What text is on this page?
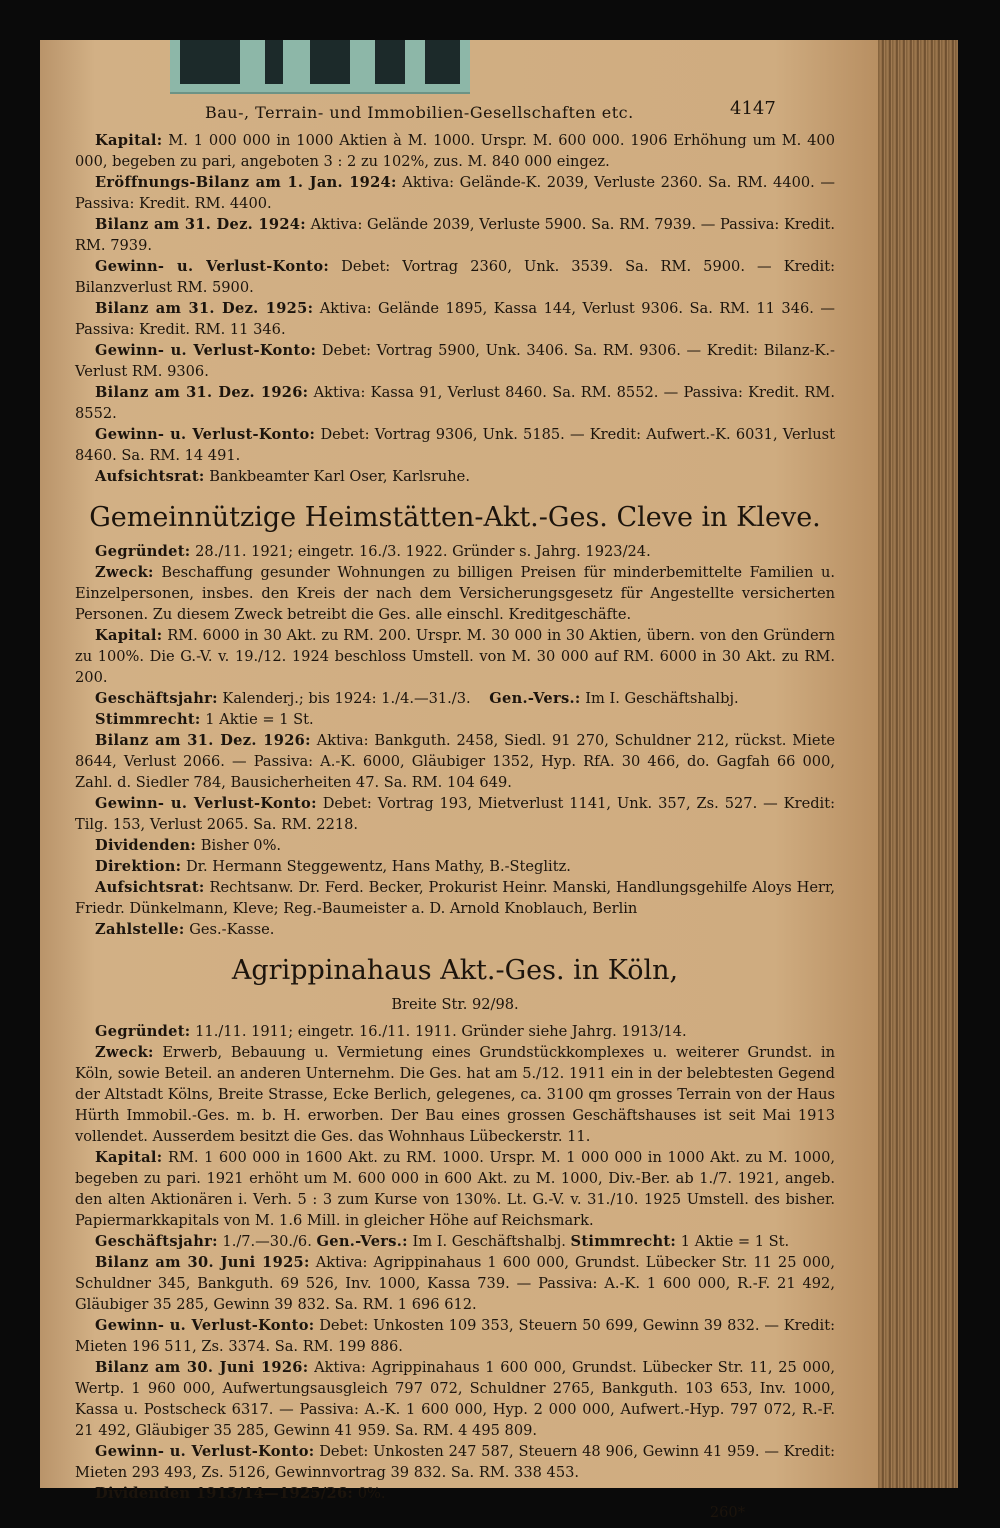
Bau-, Terrain- und Immobilien-Gesellschaften etc.	4147

Kapital: M. 1 000 000 in 1000 Aktien à M. 1000. Urspr. M. 600 000. 1906 Erhöhung um M. 400 000, begeben zu pari, angeboten 3 : 2 zu 102%, zus. M. 840 000 eingez.

Eröffnungs-Bilanz am 1. Jan. 1924: Aktiva: Gelände-K. 2039, Verluste 2360. Sa. RM. 4400. — Passiva: Kredit. RM. 4400.

Bilanz am 31. Dez. 1924: Aktiva: Gelände 2039, Verluste 5900. Sa. RM. 7939. — Passiva: Kredit. RM. 7939.

Gewinn- u. Verlust-Konto: Debet: Vortrag 2360, Unk. 3539. Sa. RM. 5900. — Kredit: Bilanzverlust RM. 5900.

Bilanz am 31. Dez. 1925: Aktiva: Gelände 1895, Kassa 144, Verlust 9306. Sa. RM. 11 346. — Passiva: Kredit. RM. 11 346.

Gewinn- u. Verlust-Konto: Debet: Vortrag 5900, Unk. 3406. Sa. RM. 9306. — Kredit: Bilanz-K.-Verlust RM. 9306.

Bilanz am 31. Dez. 1926: Aktiva: Kassa 91, Verlust 8460. Sa. RM. 8552. — Passiva: Kredit. RM. 8552.

Gewinn- u. Verlust-Konto: Debet: Vortrag 9306, Unk. 5185. — Kredit: Aufwert.-K. 6031, Verlust 8460. Sa. RM. 14 491.

Aufsichtsrat: Bankbeamter Karl Oser, Karlsruhe.

Gemeinnützige Heimstätten-Akt.-Ges. Cleve in Kleve.

Gegründet: 28./11. 1921; eingetr. 16./3. 1922. Gründer s. Jahrg. 1923/24.

Zweck: Beschaffung gesunder Wohnungen zu billigen Preisen für minderbemittelte Familien u. Einzelpersonen, insbes. den Kreis der nach dem Versicherungsgesetz für Angestellte versicherten Personen. Zu diesem Zweck betreibt die Ges. alle einschl. Kreditgeschäfte.

Kapital: RM. 6000 in 30 Akt. zu RM. 200. Urspr. M. 30 000 in 30 Aktien, übern. von den Gründern zu 100%. Die G.-V. v. 19./12. 1924 beschloss Umstell. von M. 30 000 auf RM. 6000 in 30 Akt. zu RM. 200.

Geschäftsjahr: Kalenderj.; bis 1924: 1./4.—31./3. Gen.-Vers.: Im I. Geschäftshalbj.

Stimmrecht: 1 Aktie = 1 St.

Bilanz am 31. Dez. 1926: Aktiva: Bankguth. 2458, Siedl. 91 270, Schuldner 212, rückst. Miete 8644, Verlust 2066. — Passiva: A.-K. 6000, Gläubiger 1352, Hyp. RfA. 30 466, do. Gagfah 66 000, Zahl. d. Siedler 784, Bausicherheiten 47. Sa. RM. 104 649.

Gewinn- u. Verlust-Konto: Debet: Vortrag 193, Mietverlust 1141, Unk. 357, Zs. 527. — Kredit: Tilg. 153, Verlust 2065. Sa. RM. 2218.

Dividenden: Bisher 0%.

Direktion: Dr. Hermann Steggewentz, Hans Mathy, B.-Steglitz.

Aufsichtsrat: Rechtsanw. Dr. Ferd. Becker, Prokurist Heinr. Manski, Handlungsgehilfe Aloys Herr, Friedr. Dünkelmann, Kleve; Reg.-Baumeister a. D. Arnold Knoblauch, Berlin

Zahlstelle: Ges.-Kasse.

Agrippinahaus Akt.-Ges. in Köln,
Breite Str. 92/98.

Gegründet: 11./11. 1911; eingetr. 16./11. 1911. Gründer siehe Jahrg. 1913/14.

Zweck: Erwerb, Bebauung u. Vermietung eines Grundstückkomplexes u. weiterer Grundst. in Köln, sowie Beteil. an anderen Unternehm. Die Ges. hat am 5./12. 1911 ein in der belebtesten Gegend der Altstadt Kölns, Breite Strasse, Ecke Berlich, gelegenes, ca. 3100 qm grosses Terrain von der Haus Hürth Immobil.-Ges. m. b. H. erworben. Der Bau eines grossen Geschäftshauses ist seit Mai 1913 vollendet. Ausserdem besitzt die Ges. das Wohnhaus Lübeckerstr. 11.

Kapital: RM. 1 600 000 in 1600 Akt. zu RM. 1000. Urspr. M. 1 000 000 in 1000 Akt. zu M. 1000, begeben zu pari. 1921 erhöht um M. 600 000 in 600 Akt. zu M. 1000, Div.-Ber. ab 1./7. 1921, angeb. den alten Aktionären i. Verh. 5 : 3 zum Kurse von 130%. Lt. G.-V. v. 31./10. 1925 Umstell. des bisher. Papiermarkkapitals von M. 1.6 Mill. in gleicher Höhe auf Reichsmark.

Geschäftsjahr: 1./7.—30./6. Gen.-Vers.: Im I. Geschäftshalbj. Stimmrecht: 1 Aktie = 1 St.

Bilanz am 30. Juni 1925: Aktiva: Agrippinahaus 1 600 000, Grundst. Lübecker Str. 11 25 000, Schuldner 345, Bankguth. 69 526, Inv. 1000, Kassa 739. — Passiva: A.-K. 1 600 000, R.-F. 21 492, Gläubiger 35 285, Gewinn 39 832. Sa. RM. 1 696 612.

Gewinn- u. Verlust-Konto: Debet: Unkosten 109 353, Steuern 50 699, Gewinn 39 832. — Kredit: Mieten 196 511, Zs. 3374. Sa. RM. 199 886.

Bilanz am 30. Juni 1926: Aktiva: Agrippinahaus 1 600 000, Grundst. Lübecker Str. 11, 25 000, Wertp. 1 960 000, Aufwertungsausgleich 797 072, Schuldner 2765, Bankguth. 103 653, Inv. 1000, Kassa u. Postscheck 6317. — Passiva: A.-K. 1 600 000, Hyp. 2 000 000, Aufwert.-Hyp. 797 072, R.-F. 21 492, Gläubiger 35 285, Gewinn 41 959. Sa. RM. 4 495 809.

Gewinn- u. Verlust-Konto: Debet: Unkosten 247 587, Steuern 48 906, Gewinn 41 959. — Kredit: Mieten 293 493, Zs. 5126, Gewinnvortrag 39 832. Sa. RM. 338 453.

Dividenden 1913/14—1925/26: 0%.

260*
